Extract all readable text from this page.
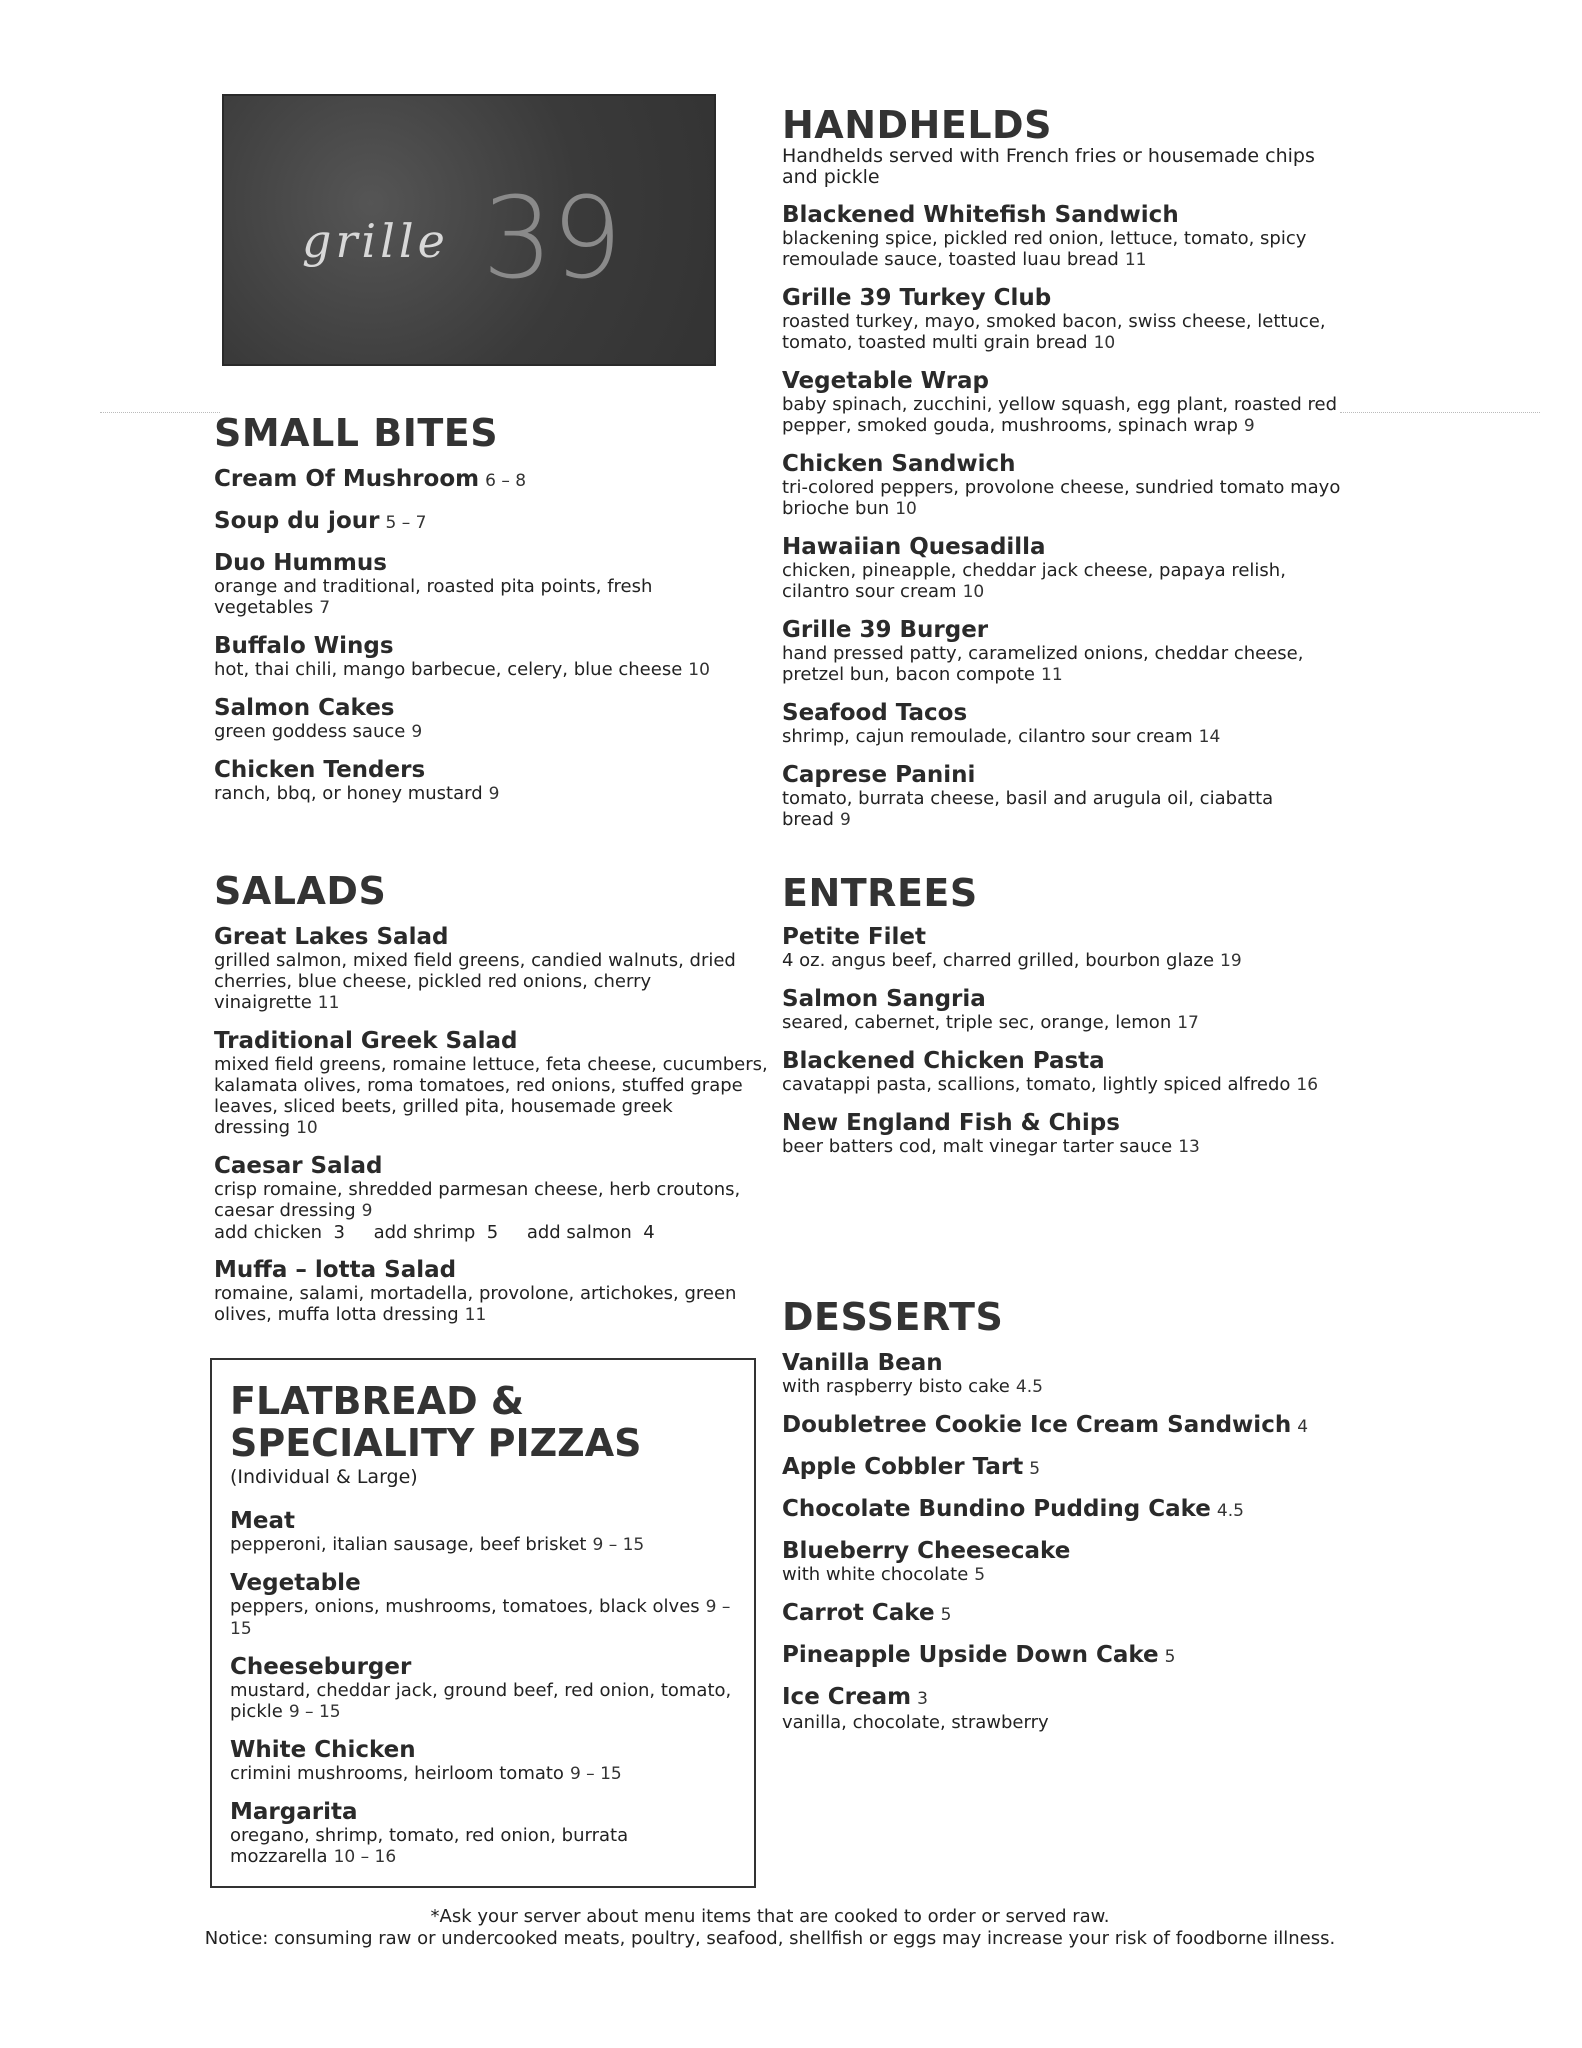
grille 39
SMALL BITES
Cream Of Mushroom 6 – 8
Soup du jour 5 – 7
Duo Hummus
orange and traditional, roasted pita points, fresh vegetables 7
Buffalo Wings
hot, thai chili, mango barbecue, celery, blue cheese 10
Salmon Cakes
green goddess sauce 9
Chicken Tenders
ranch, bbq, or honey mustard 9
SALADS
Great Lakes Salad
grilled salmon, mixed field greens, candied walnuts, dried cherries, blue cheese, pickled red onions, cherry vinaigrette 11
Traditional Greek Salad
mixed field greens, romaine lettuce, feta cheese, cucumbers, kalamata olives, roma tomatoes, red onions, stuffed grape leaves, sliced beets, grilled pita, housemade greek dressing 10
Caesar Salad
crisp romaine, shredded parmesan cheese, herb croutons, caesar dressing 9
add chicken  3     add shrimp  5     add salmon  4
Muffa – lotta Salad
romaine, salami, mortadella, provolone, artichokes, green olives, muffa lotta dressing 11
FLATBREAD &
SPECIALITY PIZZAS
(Individual & Large)
Meat
pepperoni, italian sausage, beef brisket 9 – 15
Vegetable
peppers, onions, mushrooms, tomatoes, black olves 9 – 15
Cheeseburger
mustard, cheddar jack, ground beef, red onion, tomato, pickle 9 – 15
White Chicken
crimini mushrooms, heirloom tomato 9 – 15
Margarita
oregano, shrimp, tomato, red onion, burrata mozzarella 10 – 16
HANDHELDS

Handhelds served with French fries or housemade chips and pickle

Blackened Whitefish Sandwich
blackening spice, pickled red onion, lettuce, tomato, spicy remoulade sauce, toasted luau bread 11
Grille 39 Turkey Club
roasted turkey, mayo, smoked bacon, swiss cheese, lettuce, tomato, toasted multi grain bread 10
Vegetable Wrap
baby spinach, zucchini, yellow squash, egg plant, roasted red pepper, smoked gouda, mushrooms, spinach wrap 9
Chicken Sandwich
tri-colored peppers, provolone cheese, sundried tomato mayo brioche bun 10
Hawaiian Quesadilla
chicken, pineapple, cheddar jack cheese, papaya relish, cilantro sour cream 10
Grille 39 Burger
hand pressed patty, caramelized onions, cheddar cheese, pretzel bun, bacon compote 11
Seafood Tacos
shrimp, cajun remoulade, cilantro sour cream 14
Caprese Panini
tomato, burrata cheese, basil and arugula oil, ciabatta bread 9
ENTREES
Petite Filet
4 oz. angus beef, charred grilled, bourbon glaze 19
Salmon Sangria
seared, cabernet, triple sec, orange, lemon 17
Blackened Chicken Pasta
cavatappi pasta, scallions, tomato, lightly spiced alfredo 16
New England Fish & Chips
beer batters cod, malt vinegar tarter sauce 13
DESSERTS
Vanilla Bean
with raspberry bisto cake 4.5
Doubletree Cookie Ice Cream Sandwich 4
Apple Cobbler Tart 5
Chocolate Bundino Pudding Cake 4.5
Blueberry Cheesecake
with white chocolate 5
Carrot Cake 5
Pineapple Upside Down Cake 5
Ice Cream 3
vanilla, chocolate, strawberry
*Ask your server about menu items that are cooked to order or served raw.
Notice: consuming raw or undercooked meats, poultry, seafood, shellfish or eggs may increase your risk of foodborne illness.
